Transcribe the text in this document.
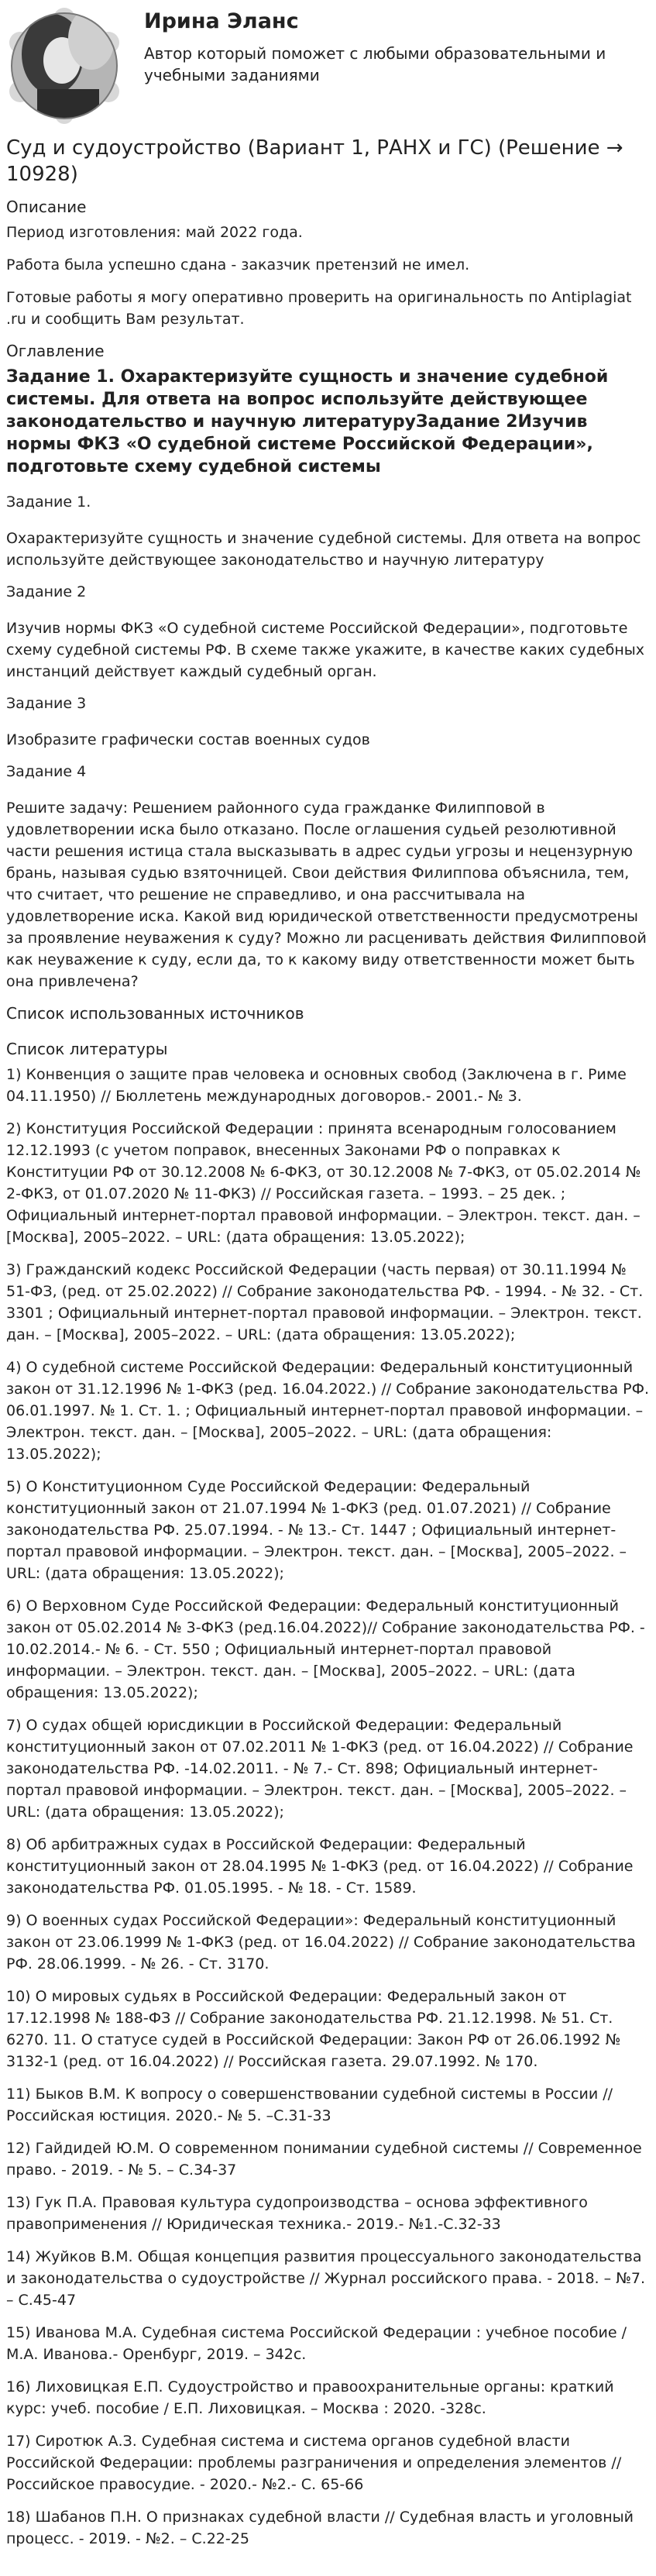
Ирина Эланс
Автор который поможет с любыми образовательными и учебными заданиями
Суд и судоустройство (Вариант 1, РАНХ и ГС) (Решение → 10928)
Описание

Период изготовления: май 2022 года.

Работа была успешно сдана - заказчик претензий не имел.

Готовые работы я могу оперативно проверить на оригинальность по Antiplagiat .ru и сообщить Вам результат.

Оглавление
Задание 1. Охарактеризуйте сущность и значение судебной системы. Для ответа на вопрос используйте действующее законодательство и научную литературуЗадание 2Изучив нормы ФКЗ «О судебной системе Российской Федерации», подготовьте схему судебной системы
Задание 1.

Охарактеризуйте сущность и значение судебной системы. Для ответа на вопрос используйте действующее законодательство и научную литературу

Задание 2

Изучив нормы ФКЗ «О судебной системе Российской Федерации», подготовьте схему судебной системы РФ. В схеме также укажите, в качестве каких судебных инстанций действует каждый судебный орган.

Задание 3

Изобразите графически состав военных судов

Задание 4

Решите задачу: Решением районного суда гражданке Филипповой в удовлетворении иска было отказано. После оглашения судьей резолютивной части решения истица стала высказывать в адрес судьи угрозы и нецензурную брань, называя судью взяточницей. Свои действия Филиппова объяснила, тем, что считает, что решение не справедливо, и она рассчитывала на удовлетворение иска. Какой вид юридической ответственности предусмотрены за проявление неуважения к суду? Можно ли расценивать действия Филипповой как неуважение к суду, если да, то к какому виду ответственности может быть она привлечена?

Список использованных источников
Список литературы
1) Конвенция о защите прав человека и основных свобод (Заключена в г. Риме 04.11.1950) // Бюллетень международных договоров.- 2001.- № 3.
2) Конституция Российской Федерации : принята всенародным голосованием 12.12.1993 (с учетом поправок, внесенных Законами РФ о поправках к Конституции РФ от 30.12.2008 № 6-ФКЗ, от 30.12.2008 № 7-ФКЗ, от 05.02.2014 № 2-ФКЗ, от 01.07.2020 № 11-ФКЗ) // Российская газета. – 1993. – 25 дек. ; Официальный интернет-портал правовой информации. – Электрон. текст. дан. – [Москва], 2005–2022. – URL: (дата обращения: 13.05.2022);
3) Гражданский кодекс Российской Федерации (часть первая) от 30.11.1994 № 51-ФЗ, (ред. от 25.02.2022) // Собрание законодательства РФ. - 1994. - № 32. - Ст. 3301 ; Официальный интернет-портал правовой информации. – Электрон. текст. дан. – [Москва], 2005–2022. – URL: (дата обращения: 13.05.2022);
4) О судебной системе Российской Федерации: Федеральный конституционный закон от 31.12.1996 № 1-ФКЗ (ред. 16.04.2022.) // Собрание законодательства РФ. 06.01.1997. № 1. Ст. 1. ; Официальный интернет-портал правовой информации. – Электрон. текст. дан. – [Москва], 2005–2022. – URL: (дата обращения: 13.05.2022);
5) О Конституционном Суде Российской Федерации: Федеральный конституционный закон от 21.07.1994 № 1-ФКЗ (ред. 01.07.2021) // Собрание законодательства РФ. 25.07.1994. - № 13.- Ст. 1447 ; Официальный интернет-портал правовой информации. – Электрон. текст. дан. – [Москва], 2005–2022. – URL: (дата обращения: 13.05.2022);
6) О Верховном Суде Российской Федерации: Федеральный конституционный закон от 05.02.2014 № 3-ФКЗ (ред.16.04.2022)// Собрание законодательства РФ. - 10.02.2014.- № 6. - Ст. 550 ; Официальный интернет-портал правовой информации. – Электрон. текст. дан. – [Москва], 2005–2022. – URL: (дата обращения: 13.05.2022);
7) О судах общей юрисдикции в Российской Федерации: Федеральный конституционный закон от 07.02.2011 № 1-ФКЗ (ред. от 16.04.2022) // Собрание законодательства РФ. -14.02.2011. - № 7.- Ст. 898; Официальный интернет-портал правовой информации. – Электрон. текст. дан. – [Москва], 2005–2022. – URL: (дата обращения: 13.05.2022);
8) Об арбитражных судах в Российской Федерации: Федеральный конституционный закон от 28.04.1995 № 1-ФКЗ (ред. от 16.04.2022) // Собрание законодательства РФ. 01.05.1995. - № 18. - Ст. 1589.
9) О военных судах Российской Федерации»: Федеральный конституционный закон от 23.06.1999 № 1-ФКЗ (ред. от 16.04.2022) // Собрание законодательства РФ. 28.06.1999. - № 26. - Ст. 3170.
10) О мировых судьях в Российской Федерации: Федеральный закон от 17.12.1998 № 188-ФЗ // Собрание законодательства РФ. 21.12.1998. № 51. Ст. 6270. 11. О статусе судей в Российской Федерации: Закон РФ от 26.06.1992 № 3132-1 (ред. от 16.04.2022) // Российская газета. 29.07.1992. № 170.
11) Быков В.М. К вопросу о совершенствовании судебной системы в России // Российская юстиция. 2020.- № 5. –С.31-33
12) Гайдидей Ю.М. О современном понимании судебной системы // Современное право. - 2019. - № 5. – С.34-37
13) Гук П.А. Правовая культура судопроизводства – основа эффективного правоприменения // Юридическая техника.- 2019.- №1.-С.32-33
14) Жуйков В.М. Общая концепция развития процессуального законодательства и законодательства о судоустройстве // Журнал российского права. - 2018. – №7. – С.45-47
15) Иванова М.А. Судебная система Российской Федерации : учебное пособие / М.А. Иванова.- Оренбург, 2019. – 342с.
16) Лиховицкая Е.П. Судоустройство и правоохранительные органы: краткий курс: учеб. пособие / Е.П. Лиховицкая. – Москва : 2020. -328с.
17) Сиротюк А.З. Судебная система и система органов судебной власти Российской Федерации: проблемы разграничения и определения элементов // Российское правосудие. - 2020.- №2.- С. 65-66
18) Шабанов П.Н. О признаках судебной власти // Судебная власть и уголовный процесс. - 2019. - №2. – С.22-25
